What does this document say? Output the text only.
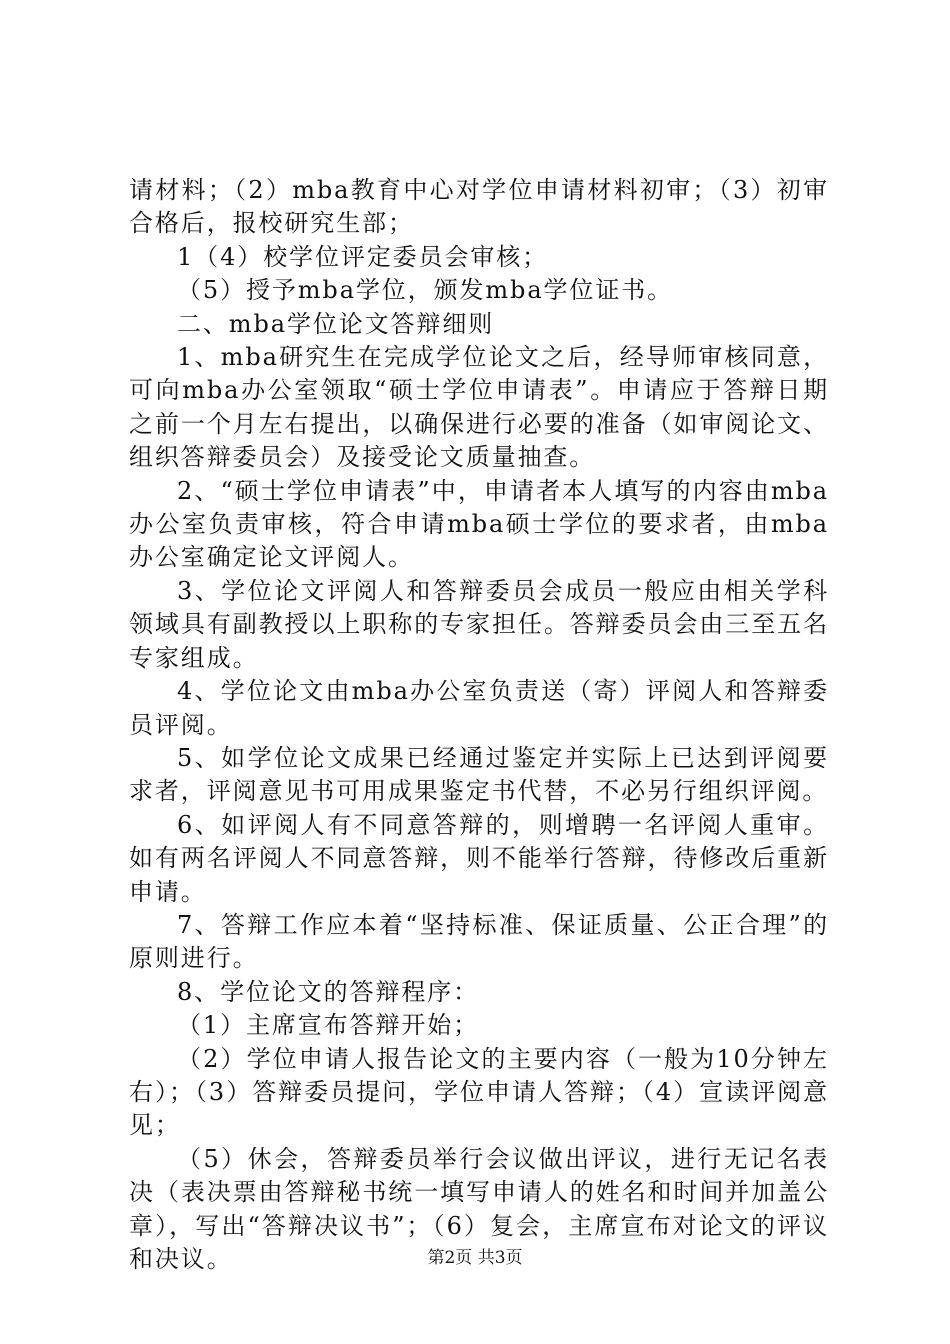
请材料；（2）mba教育中心对学位申请材料初审；（3）初审合格后，报校研究生部；

1（4）校学位评定委员会审核；

（5）授予mba学位，颁发mba学位证书。

二、mba学位论文答辩细则

1、mba研究生在完成学位论文之后，经导师审核同意，可向mba办公室领取“硕士学位申请表”。申请应于答辩日期之前一个月左右提出，以确保进行必要的准备（如审阅论文、组织答辩委员会）及接受论文质量抽查。

2、“硕士学位申请表”中，申请者本人填写的内容由mba办公室负责审核，符合申请mba硕士学位的要求者，由mba办公室确定论文评阅人。

3、学位论文评阅人和答辩委员会成员一般应由相关学科领域具有副教授以上职称的专家担任。答辩委员会由三至五名专家组成。

4、学位论文由mba办公室负责送（寄）评阅人和答辩委员评阅。

5、如学位论文成果已经通过鉴定并实际上已达到评阅要求者，评阅意见书可用成果鉴定书代替，不必另行组织评阅。

6、如评阅人有不同意答辩的，则增聘一名评阅人重审。如有两名评阅人不同意答辩，则不能举行答辩，待修改后重新申请。

7、答辩工作应本着“坚持标准、保证质量、公正合理”的原则进行。

8、学位论文的答辩程序：

（1）主席宣布答辩开始；

（2）学位申请人报告论文的主要内容（一般为10分钟左右）；（3）答辩委员提问，学位申请人答辩；（4）宣读评阅意见；

（5）休会，答辩委员举行会议做出评议，进行无记名表决（表决票由答辩秘书统一填写申请人的姓名和时间并加盖公章），写出“答辩决议书”；（6）复会，主席宣布对论文的评议和决议。	第2页 共3页
